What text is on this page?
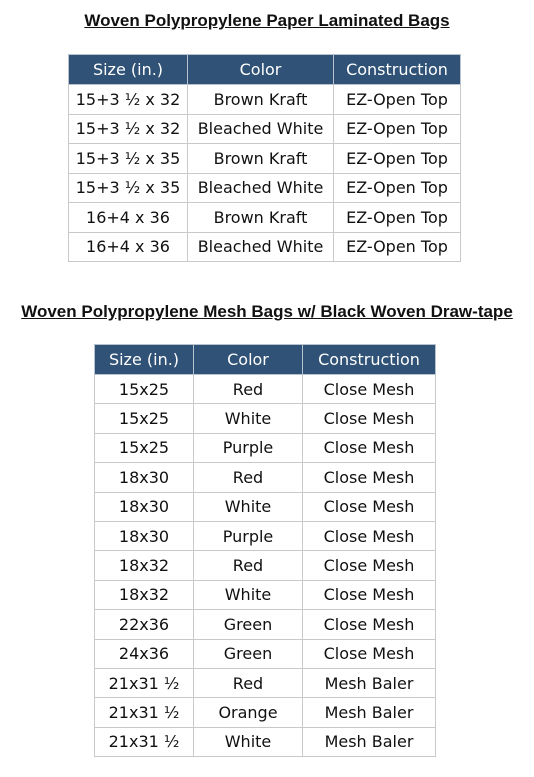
Woven Polypropylene Paper Laminated Bags
Size (in.)	Color	Construction
15+3 ½ x 32	Brown Kraft	EZ-Open Top
15+3 ½ x 32	Bleached White	EZ-Open Top
15+3 ½ x 35	Brown Kraft	EZ-Open Top
15+3 ½ x 35	Bleached White	EZ-Open Top
16+4 x 36	Brown Kraft	EZ-Open Top
16+4 x 36	Bleached White	EZ-Open Top
Woven Polypropylene Mesh Bags w/ Black Woven Draw-tape
Size (in.)	Color	Construction
15x25	Red	Close Mesh
15x25	White	Close Mesh
15x25	Purple	Close Mesh
18x30	Red	Close Mesh
18x30	White	Close Mesh
18x30	Purple	Close Mesh
18x32	Red	Close Mesh
18x32	White	Close Mesh
22x36	Green	Close Mesh
24x36	Green	Close Mesh
21x31 ½	Red	Mesh Baler
21x31 ½	Orange	Mesh Baler
21x31 ½	White	Mesh Baler
